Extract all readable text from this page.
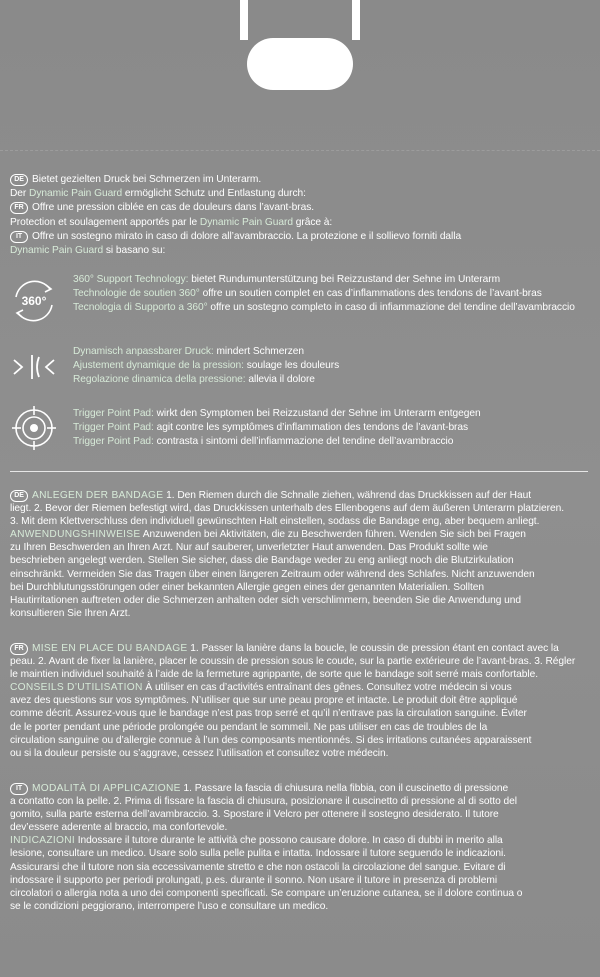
DE Bietet gezielten Druck bei Schmerzen im Unterarm.
Der Dynamic Pain Guard ermöglicht Schutz und Entlastung durch:
FR Offre une pression ciblée en cas de douleurs dans l’avant-bras.
Protection et soulagement apportés par le Dynamic Pain Guard grâce à:
IT Offre un sostegno mirato in caso di dolore all’avambraccio. La protezione e il sollievo forniti dalla
Dynamic Pain Guard si basano su:
360°
360° Support Technology: bietet Rundumunterstützung bei Reizzustand der Sehne im Unterarm
Technologie de soutien 360° offre un soutien complet en cas d’inflammations des tendons de l’avant-bras
Tecnologia di Supporto a 360° offre un sostegno completo in caso di infiammazione del tendine dell’avambraccio
Dynamisch anpassbarer Druck: mindert Schmerzen
Ajustement dynamique de la pression: soulage les douleurs
Regolazione dinamica della pressione: allevia il dolore
Trigger Point Pad: wirkt den Symptomen bei Reizzustand der Sehne im Unterarm entgegen
Trigger Point Pad: agit contre les symptômes d’inflammation des tendons de l’avant-bras
Trigger Point Pad: contrasta i sintomi dell’infiammazione del tendine dell’avambraccio
DE ANLEGEN DER BANDAGE 1. Den Riemen durch die Schnalle ziehen, während das Druckkissen auf der Haut
liegt. 2. Bevor der Riemen befestigt wird, das Druckkissen unterhalb des Ellenbogens auf dem äußeren Unterarm platzieren.
3. Mit dem Klettverschluss den individuell gewünschten Halt einstellen, sodass die Bandage eng, aber bequem anliegt.
ANWENDUNGSHINWEISE Anzuwenden bei Aktivitäten, die zu Beschwerden führen. Wenden Sie sich bei Fragen
zu Ihren Beschwerden an Ihren Arzt. Nur auf sauberer, unverletzter Haut anwenden. Das Produkt sollte wie
beschrieben angelegt werden. Stellen Sie sicher, dass die Bandage weder zu eng anliegt noch die Blutzirkulation
einschränkt. Vermeiden Sie das Tragen über einen längeren Zeitraum oder während des Schlafes. Nicht anzuwenden
bei Durchblutungsstörungen oder einer bekannten Allergie gegen eines der genannten Materialien. Sollten
Hautirritationen auftreten oder die Schmerzen anhalten oder sich verschlimmern, beenden Sie die Anwendung und
konsultieren Sie Ihren Arzt.
FR MISE EN PLACE DU BANDAGE 1. Passer la lanière dans la boucle, le coussin de pression étant en contact avec la
peau. 2. Avant de fixer la lanière, placer le coussin de pression sous le coude, sur la partie extérieure de l’avant-bras. 3. Régler
le maintien individuel souhaité à l’aide de la fermeture agrippante, de sorte que le bandage soit serré mais confortable.
CONSEILS D’UTILISATION À utiliser en cas d’activités entraînant des gênes. Consultez votre médecin si vous
avez des questions sur vos symptômes. N’utiliser que sur une peau propre et intacte. Le produit doit être appliqué
comme décrit. Assurez-vous que le bandage n’est pas trop serré et qu’il n’entrave pas la circulation sanguine. Éviter
de le porter pendant une période prolongée ou pendant le sommeil. Ne pas utiliser en cas de troubles de la
circulation sanguine ou d’allergie connue à l’un des composants mentionnés. Si des irritations cutanées apparaissent
ou si la douleur persiste ou s’aggrave, cessez l’utilisation et consultez votre médecin.
IT MODALITÀ DI APPLICAZIONE 1. Passare la fascia di chiusura nella fibbia, con il cuscinetto di pressione
a contatto con la pelle. 2. Prima di fissare la fascia di chiusura, posizionare il cuscinetto di pressione al di sotto del
gomito, sulla parte esterna dell’avambraccio. 3. Spostare il Velcro per ottenere il sostegno desiderato. Il tutore
dev’essere aderente al braccio, ma confortevole.
INDICAZIONI Indossare il tutore durante le attività che possono causare dolore. In caso di dubbi in merito alla
lesione, consultare un medico. Usare solo sulla pelle pulita e intatta. Indossare il tutore seguendo le indicazioni.
Assicurarsi che il tutore non sia eccessivamente stretto e che non ostacoli la circolazione del sangue. Evitare di
indossare il supporto per periodi prolungati, p.es. durante il sonno. Non usare il tutore in presenza di problemi
circolatori o allergia nota a uno dei componenti specificati. Se compare un’eruzione cutanea, se il dolore continua o
se le condizioni peggiorano, interrompere l’uso e consultare un medico.
